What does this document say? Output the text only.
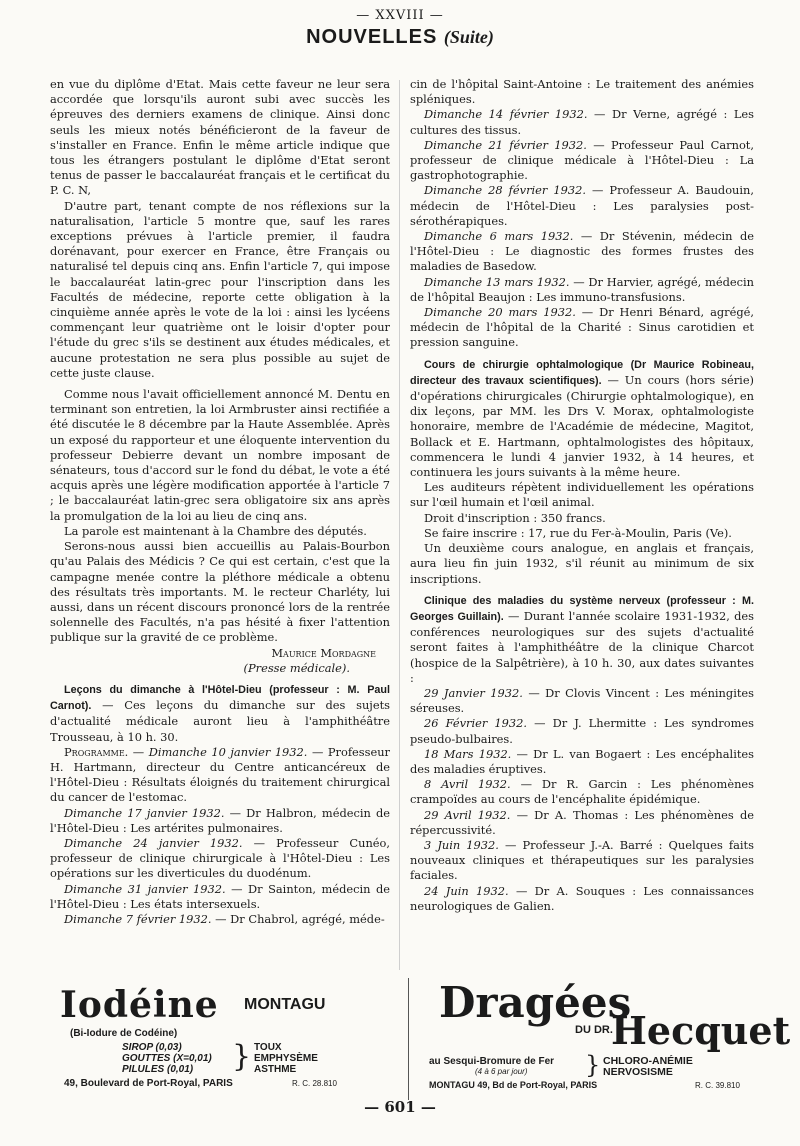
— XXVIII —
NOUVELLES (Suite)

en vue du diplôme d'Etat. Mais cette faveur ne leur sera accordée que lorsqu'ils auront subi avec succès les épreuves des derniers examens de clinique. Ainsi donc seuls les mieux notés bénéficieront de la faveur de s'installer en France. Enfin le même article indique que tous les étrangers postulant le diplôme d'Etat seront tenus de passer le baccalauréat français et le certificat du P. C. N,

D'autre part, tenant compte de nos réflexions sur la naturalisation, l'article 5 montre que, sauf les rares exceptions prévues à l'article premier, il faudra dorénavant, pour exercer en France, être Français ou naturalisé tel depuis cinq ans. Enfin l'article 7, qui impose le baccalauréat latin-grec pour l'inscription dans les Facultés de médecine, reporte cette obligation à la cinquième année après le vote de la loi : ainsi les lycéens commençant leur quatrième ont le loisir d'opter pour l'étude du grec s'ils se destinent aux études médicales, et aucune protestation ne sera plus possible au sujet de cette juste clause.

Comme nous l'avait officiellement annoncé M. Dentu en terminant son entretien, la loi Armbruster ainsi rectifiée a été discutée le 8 décembre par la Haute Assemblée. Après un exposé du rapporteur et une éloquente intervention du professeur Debierre devant un nombre imposant de sénateurs, tous d'accord sur le fond du débat, le vote a été acquis après une légère modification apportée à l'article 7 ; le baccalauréat latin-grec sera obligatoire six ans après la promulgation de la loi au lieu de cinq ans.

La parole est maintenant à la Chambre des députés.

Serons-nous aussi bien accueillis au Palais-Bourbon qu'au Palais des Médicis ? Ce qui est certain, c'est que la campagne menée contre la pléthore médicale a obtenu des résultats très importants. M. le recteur Charléty, lui aussi, dans un récent discours prononcé lors de la rentrée solennelle des Facultés, n'a pas hésité à fixer l'attention publique sur la gravité de ce problème.

Maurice Mordagne

(Presse médicale).

Leçons du dimanche à l'Hôtel-Dieu (professeur : M. Paul Carnot). — Ces leçons du dimanche sur des sujets d'actualité médicale auront lieu à l'amphithéâtre Trousseau, à 10 h. 30.

Programme. — Dimanche 10 janvier 1932. — Professeur H. Hartmann, directeur du Centre anticancéreux de l'Hôtel-Dieu : Résultats éloignés du traitement chirurgical du cancer de l'estomac.

Dimanche 17 janvier 1932. — Dr Halbron, médecin de l'Hôtel-Dieu : Les artérites pulmonaires.

Dimanche 24 janvier 1932. — Professeur Cunéo, professeur de clinique chirurgicale à l'Hôtel-Dieu : Les opérations sur les diverticules du duodénum.

Dimanche 31 janvier 1932. — Dr Sainton, médecin de l'Hôtel-Dieu : Les états intersexuels.

Dimanche 7 février 1932. — Dr Chabrol, agrégé, méde-

cin de l'hôpital Saint-Antoine : Le traitement des anémies spléniques.

Dimanche 14 février 1932. — Dr Verne, agrégé : Les cultures des tissus.

Dimanche 21 février 1932. — Professeur Paul Carnot, professeur de clinique médicale à l'Hôtel-Dieu : La gastrophotographie.

Dimanche 28 février 1932. — Professeur A. Baudouin, médecin de l'Hôtel-Dieu : Les paralysies post-sérothérapiques.

Dimanche 6 mars 1932. — Dr Stévenin, médecin de l'Hôtel-Dieu : Le diagnostic des formes frustes des maladies de Basedow.

Dimanche 13 mars 1932. — Dr Harvier, agrégé, médecin de l'hôpital Beaujon : Les immuno-transfusions.

Dimanche 20 mars 1932. — Dr Henri Bénard, agrégé, médecin de l'hôpital de la Charité : Sinus carotidien et pression sanguine.

Cours de chirurgie ophtalmologique (Dr Maurice Robineau, directeur des travaux scientifiques). — Un cours (hors série) d'opérations chirurgicales (Chirurgie ophtalmologique), en dix leçons, par MM. les Drs V. Morax, ophtalmologiste honoraire, membre de l'Académie de médecine, Magitot, Bollack et E. Hartmann, ophtalmologistes des hôpitaux, commencera le lundi 4 janvier 1932, à 14 heures, et continuera les jours suivants à la même heure.

Les auditeurs répètent individuellement les opérations sur l'œil humain et l'œil animal.

Droit d'inscription : 350 francs.

Se faire inscrire : 17, rue du Fer-à-Moulin, Paris (Ve).

Un deuxième cours analogue, en anglais et français, aura lieu fin juin 1932, s'il réunit au minimum de six inscriptions.

Clinique des maladies du système nerveux (professeur : M. Georges Guillain). — Durant l'année scolaire 1931-1932, des conférences neurologiques sur des sujets d'actualité seront faites à l'amphithéâtre de la clinique Charcot (hospice de la Salpêtrière), à 10 h. 30, aux dates suivantes :

29 Janvier 1932. — Dr Clovis Vincent : Les méningites séreuses.

26 Février 1932. — Dr J. Lhermitte : Les syndromes pseudo-bulbaires.

18 Mars 1932. — Dr L. van Bogaert : Les encéphalites des maladies éruptives.

8 Avril 1932. — Dr R. Garcin : Les phénomènes crampoïdes au cours de l'encéphalite épidémique.

29 Avril 1932. — Dr A. Thomas : Les phénomènes de répercussivité.

3 Juin 1932. — Professeur J.-A. Barré : Quelques faits nouveaux cliniques et thérapeutiques sur les paralysies faciales.

24 Juin 1932. — Dr A. Souques : Les connaissances neurologiques de Galien.

Iodéine MONTAGU
(Bi-Iodure de Codéine)
SIROP (0,03)
GOUTTES (X=0,01)
PILULES (0,01)	} TOUX
EMPHYSÈME
ASTHME
49, Boulevard de Port-Royal, PARIS	R. C. 28.810
Dragées
DU DR.
Hecquet
au Sesqui-Bromure de Fer
(4 à 6 par jour) } CHLORO-ANÉMIE
NERVOSISME
MONTAGU 49, Bd de Port-Royal, PARIS	R. C. 39.810
— 601 —
